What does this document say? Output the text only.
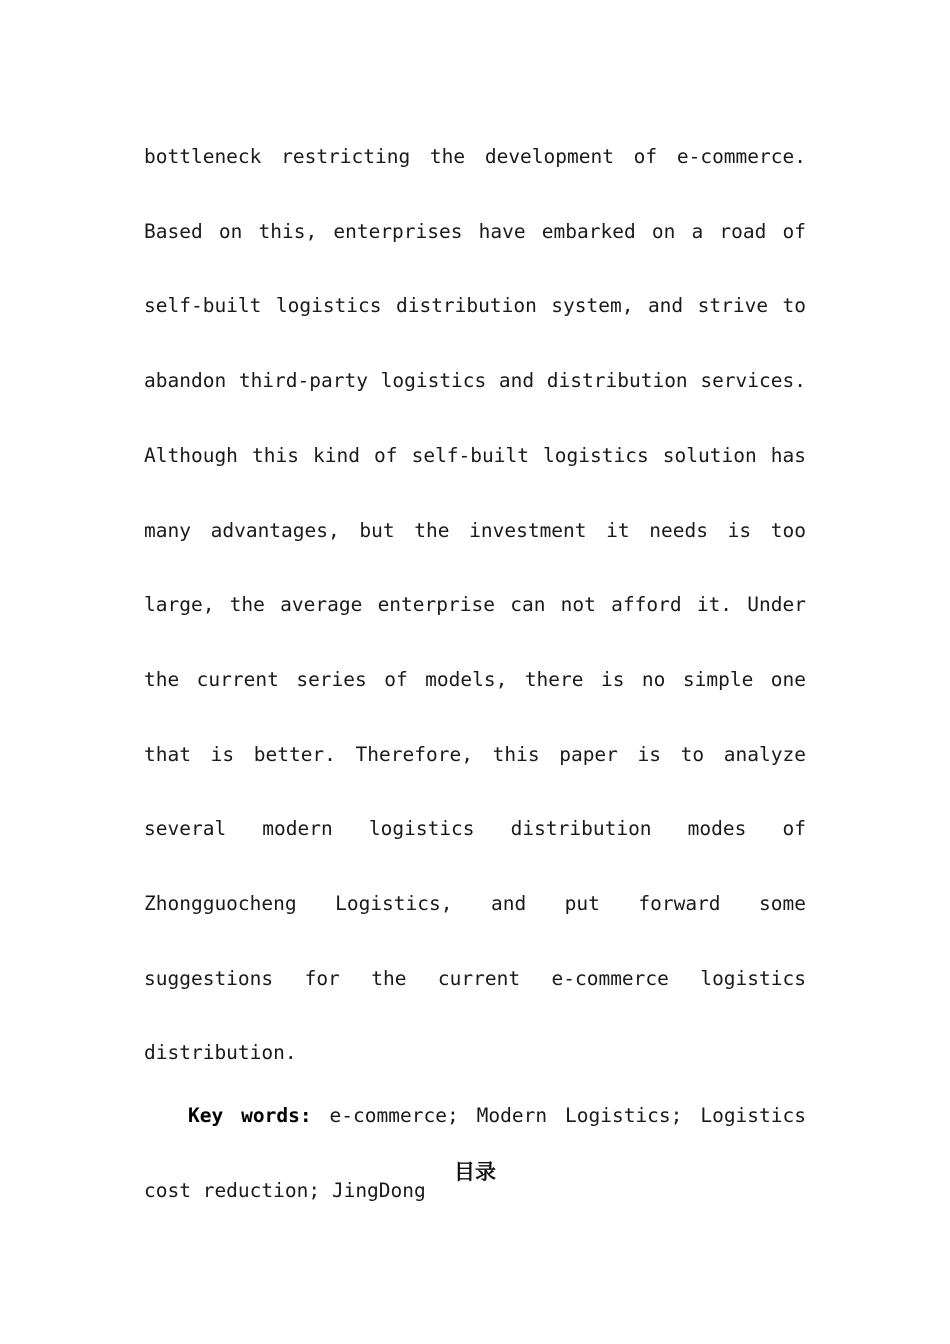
bottleneck restricting the development of e-commerce. Based on this, enterprises have embarked on a road of self-built logistics distribution system, and strive to abandon third-party logistics and distribution services. Although this kind of self-built logistics solution has many advantages, but the investment it needs is too large, the average enterprise can not afford it. Under the current series of models, there is no simple one that is better. Therefore, this paper is to analyze several modern logistics distribution modes of Zhongguocheng Logistics, and put forward some suggestions for the current e-commerce logistics distribution.

Key words: e-commerce; Modern Logistics; Logistics cost reduction; JingDong

目录
